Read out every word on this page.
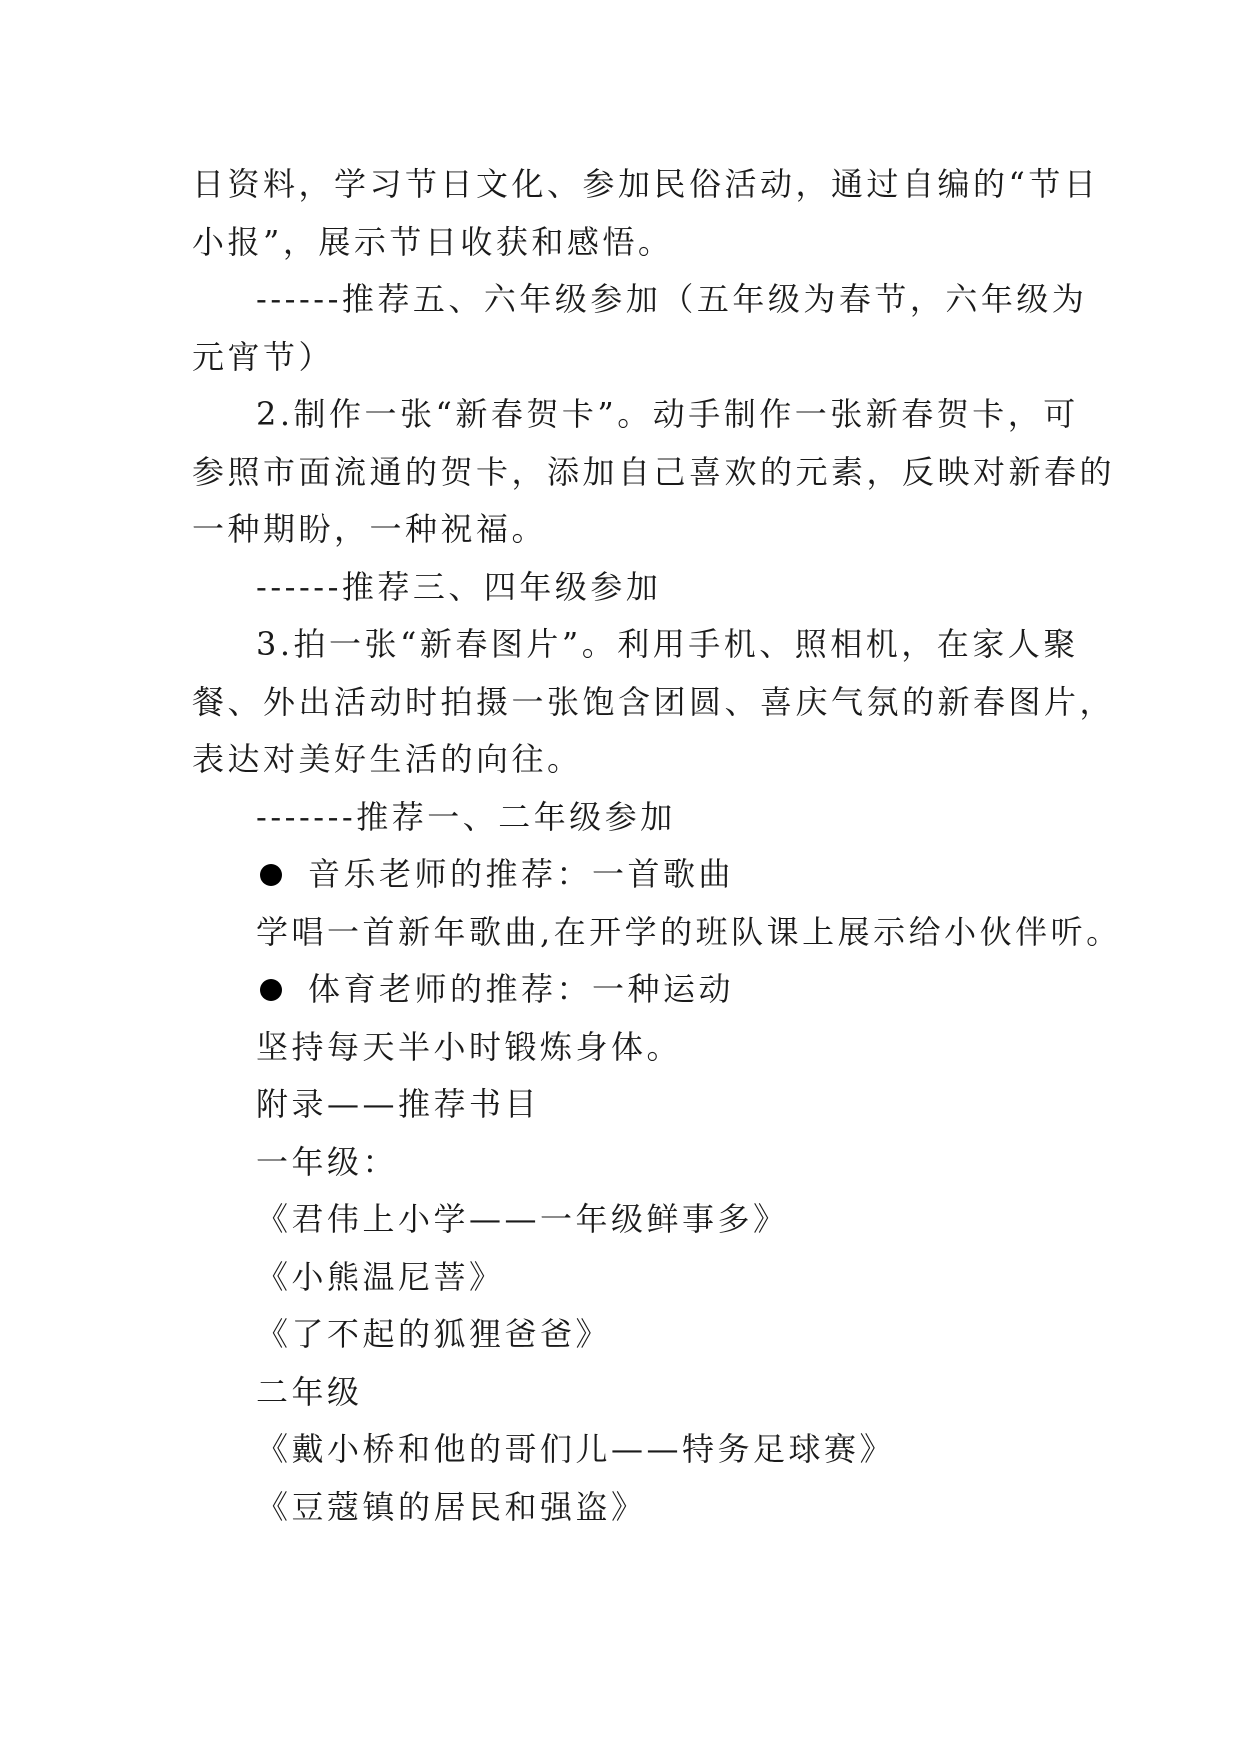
日资料，学习节日文化、参加民俗活动，通过自编的“节日
小报”，展示节日收获和感悟。
------推荐五、六年级参加（五年级为春节，六年级为
元宵节）
2.制作一张“新春贺卡”。动手制作一张新春贺卡，可
参照市面流通的贺卡，添加自己喜欢的元素，反映对新春的
一种期盼，一种祝福。
------推荐三、四年级参加
3.拍一张“新春图片”。利用手机、照相机，在家人聚
餐、外出活动时拍摄一张饱含团圆、喜庆气氛的新春图片，
表达对美好生活的向往。
-------推荐一、二年级参加
音乐老师的推荐：一首歌曲
学唱一首新年歌曲,在开学的班队课上展示给小伙伴听。
体育老师的推荐：一种运动
坚持每天半小时锻炼身体。
附录——推荐书目
一年级：
《君伟上小学——一年级鲜事多》
《小熊温尼菩》
《了不起的狐狸爸爸》
二年级
《戴小桥和他的哥们儿——特务足球赛》
《豆蔻镇的居民和强盗》
